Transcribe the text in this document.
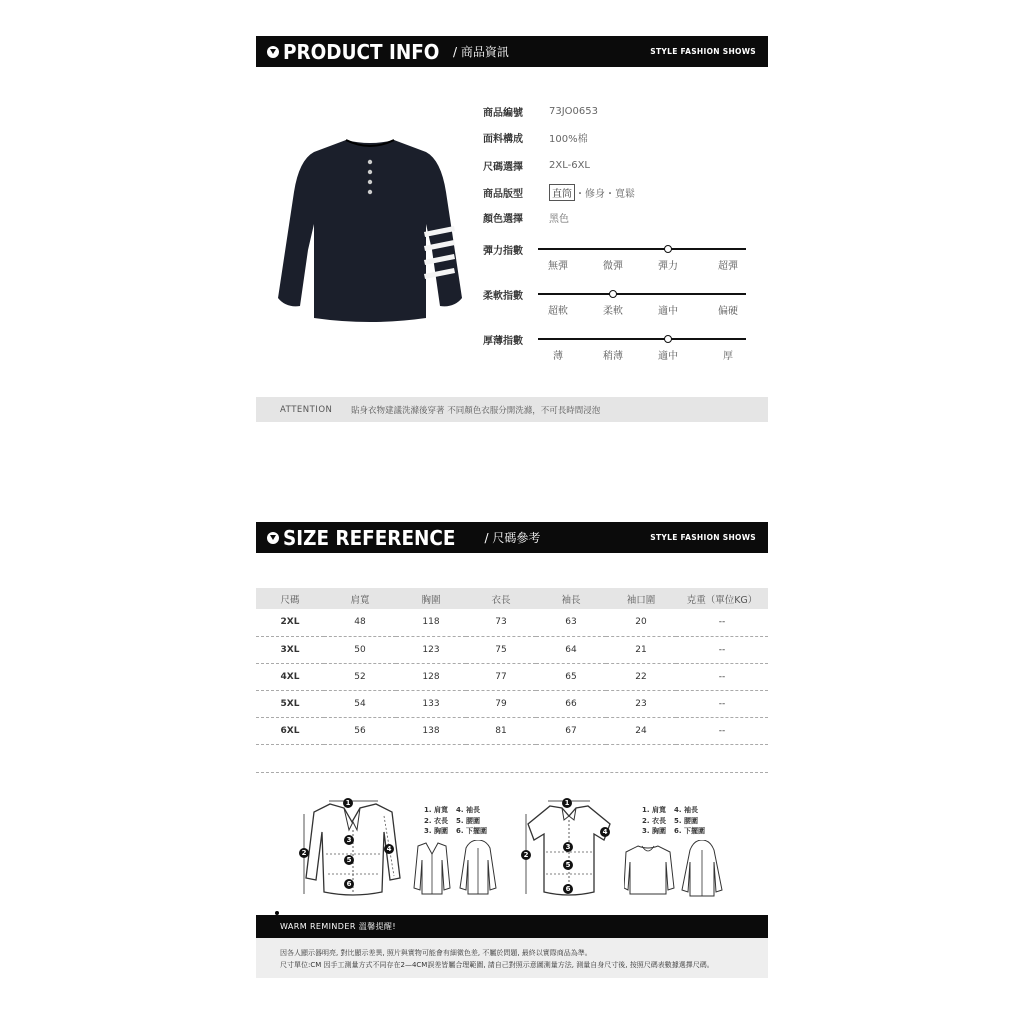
PRODUCT INFO / 商品資訊	STYLE FASHION SHOWS
商品編號	73JO0653
面料構成	100%棉
尺碼選擇	2XL-6XL
商品版型	直筒 ・修身・寬鬆
顏色選擇	黑色
彈力指數
無彈	微彈	彈力	超彈
柔軟指數
超軟	柔軟	適中	偏硬
厚薄指數
薄	稍薄	適中	厚
ATTENTION	貼身衣物建議洗滌後穿著 不同顏色衣服分開洗滌，不可長時間浸泡
SIZE REFERENCE / 尺碼參考	STYLE FASHION SHOWS
尺碼	肩寬	胸圍	衣長	袖長	袖口圍	克重（單位KG）
2XL	48	118	73	63	20	--
3XL	50	123	75	64	21	--
4XL	52	128	77	65	22	--
5XL	54	133	79	66	23	--
6XL	56	138	81	67	24	--
1
2
3
4
5
6
1. 肩寬	4. 袖長
2. 衣長	5. 腰圍
3. 胸圍	6. 下擺圍
1
2
3
4
5
6
1. 肩寬	4. 袖長
2. 衣長	5. 腰圍
3. 胸圍	6. 下擺圍
WARM REMINDER 溫馨提醒!
因各人顯示器明亮, 對比顯示差異, 照片與實物可能會有細微色差, 不屬於問題, 最終以實際商品為準。
尺寸單位:CM 因手工測量方式不同存在2—4CM誤差皆屬合理範圍, 請自己對照示意圖測量方法, 測量自身尺寸後, 按照尺碼表數據選擇尺碼。
